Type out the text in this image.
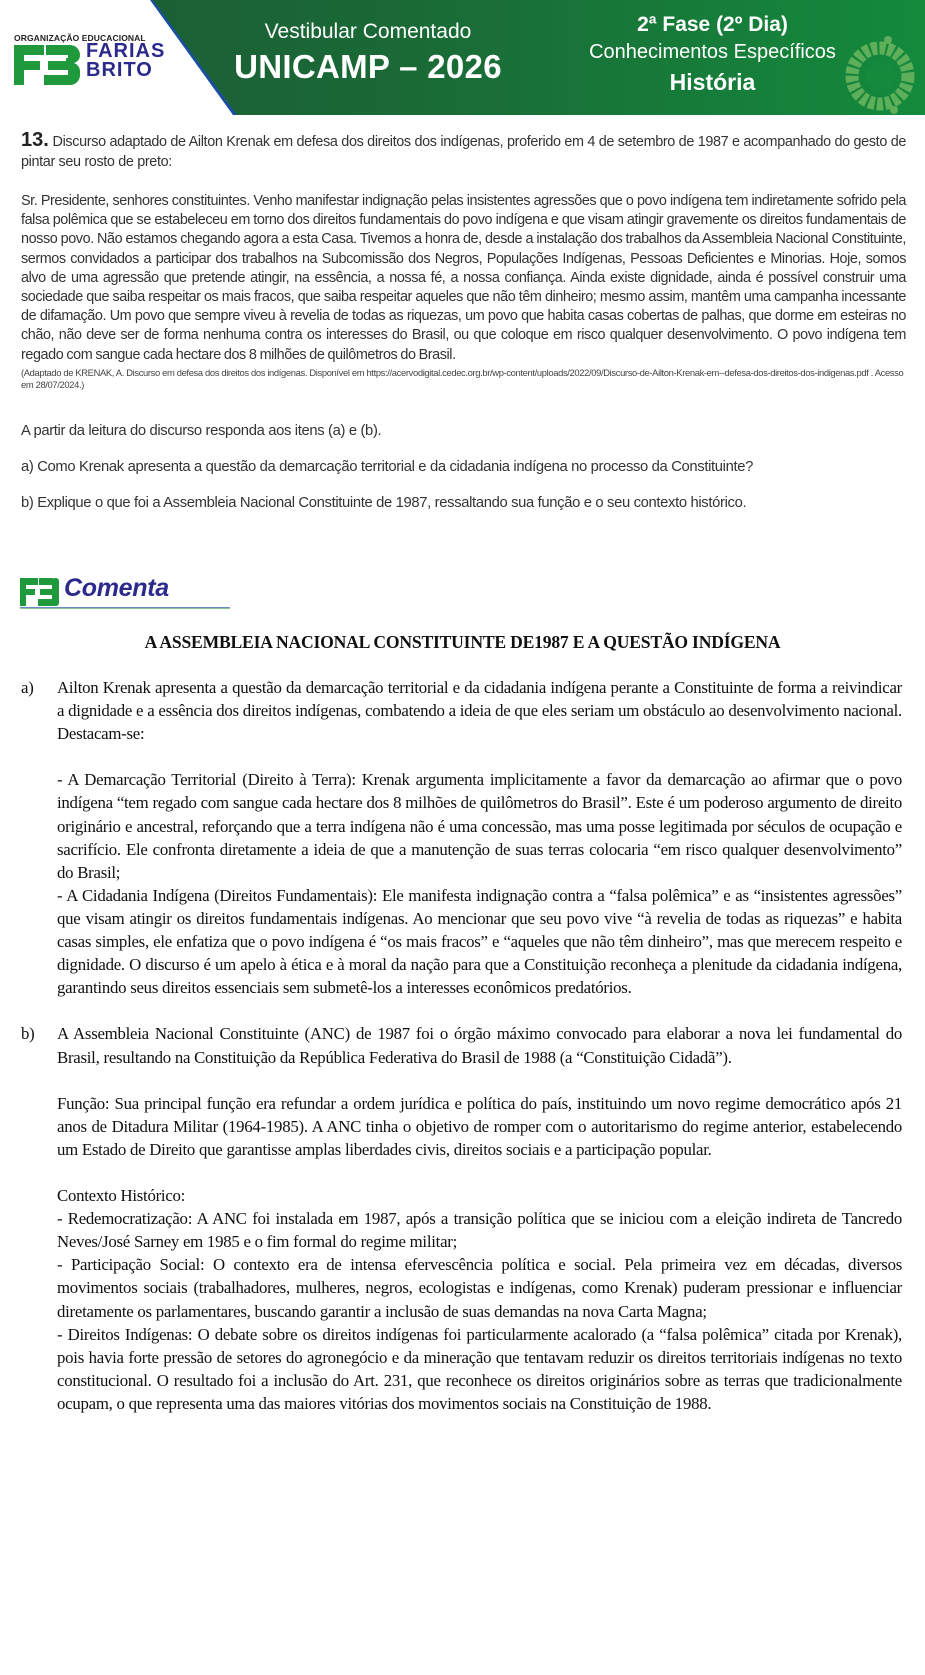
ORGANIZAÇÃO EDUCACIONAL
FARIAS
BRITO
Vestibular Comentado
UNICAMP – 2026
2ª Fase (2º Dia)
Conhecimentos Específicos
História

13. Discurso adaptado de Ailton Krenak em defesa dos direitos dos indígenas, proferido em 4 de setembro de 1987 e acompanhado do gesto de pintar seu rosto de preto:

Sr. Presidente, senhores constituintes. Venho manifestar indignação pelas insistentes agressões que o povo indígena tem indiretamente sofrido pela falsa polêmica que se estabeleceu em torno dos direitos fundamentais do povo indígena e que visam atingir gravemente os direitos fundamentais de nosso povo. Não estamos chegando agora a esta Casa. Tivemos a honra de, desde a instalação dos trabalhos da Assembleia Nacional Constituinte, sermos convidados a participar dos trabalhos na Subcomissão dos Negros, Populações Indígenas, Pessoas Deficientes e Minorias. Hoje, somos alvo de uma agressão que pretende atingir, na essência, a nossa fé, a nossa confiança. Ainda existe dignidade, ainda é possível construir uma sociedade que saiba respeitar os mais fracos, que saiba respeitar aqueles que não têm dinheiro; mesmo assim, mantêm uma campanha incessante de difamação. Um povo que sempre viveu à revelia de todas as riquezas, um povo que habita casas cobertas de palhas, que dorme em esteiras no chão, não deve ser de forma nenhuma contra os interesses do Brasil, ou que coloque em risco qualquer desenvolvimento. O povo indígena tem regado com sangue cada hectare dos 8 milhões de quilômetros do Brasil.

(Adaptado de KRENAK, A. Discurso em defesa dos direitos dos indígenas. Disponível em https://acervodigital.cedec.org.br/wp-content/uploads/2022/09/Discurso-de-Ailton-Krenak-em--defesa-dos-direitos-dos-indigenas.pdf . Acesso em 28/07/2024.)

A partir da leitura do discurso responda aos itens (a) e (b).

a) Como Krenak apresenta a questão da demarcação territorial e da cidadania indígena no processo da Constituinte?

b) Explique o que foi a Assembleia Nacional Constituinte de 1987, ressaltando sua função e o seu contexto histórico.

Comenta
A ASSEMBLEIA NACIONAL CONSTITUINTE DE1987 E A QUESTÃO INDÍGENA
a) Ailton Krenak apresenta a questão da demarcação territorial e da cidadania indígena perante a Constituinte de forma a reivindicar a dignidade e a essência dos direitos indígenas, combatendo a ideia de que eles seriam um obstáculo ao desenvolvimento nacional. Destacam-se:

- A Demarcação Territorial (Direito à Terra): Krenak argumenta implicitamente a favor da demarcação ao afirmar que o povo indígena “tem regado com sangue cada hectare dos 8 milhões de quilômetros do Brasil”. Este é um poderoso argumento de direito originário e ancestral, reforçando que a terra indígena não é uma concessão, mas uma posse legitimada por séculos de ocupação e sacrifício. Ele confronta diretamente a ideia de que a manutenção de suas terras colocaria “em risco qualquer desenvolvimento” do Brasil;

- A Cidadania Indígena (Direitos Fundamentais): Ele manifesta indignação contra a “falsa polêmica” e as “insistentes agressões” que visam atingir os direitos fundamentais indígenas. Ao mencionar que seu povo vive “à revelia de todas as riquezas” e habita casas simples, ele enfatiza que o povo indígena é “os mais fracos” e “aqueles que não têm dinheiro”, mas que merecem respeito e dignidade. O discurso é um apelo à ética e à moral da nação para que a Constituição reconheça a plenitude da cidadania indígena, garantindo seus direitos essenciais sem submetê-los a interesses econômicos predatórios.

b) A Assembleia Nacional Constituinte (ANC) de 1987 foi o órgão máximo convocado para elaborar a nova lei fundamental do Brasil, resultando na Constituição da República Federativa do Brasil de 1988 (a “Constituição Cidadã”).

Função: Sua principal função era refundar a ordem jurídica e política do país, instituindo um novo regime democrático após 21 anos de Ditadura Militar (1964-1985). A ANC tinha o objetivo de romper com o autoritarismo do regime anterior, estabelecendo um Estado de Direito que garantisse amplas liberdades civis, direitos sociais e a participação popular.

Contexto Histórico:

- Redemocratização: A ANC foi instalada em 1987, após a transição política que se iniciou com a eleição indireta de Tancredo Neves/José Sarney em 1985 e o fim formal do regime militar;

- Participação Social: O contexto era de intensa efervescência política e social. Pela primeira vez em décadas, diversos movimentos sociais (trabalhadores, mulheres, negros, ecologistas e indígenas, como Krenak) puderam pressionar e influenciar diretamente os parlamentares, buscando garantir a inclusão de suas demandas na nova Carta Magna;

- Direitos Indígenas: O debate sobre os direitos indígenas foi particularmente acalorado (a “falsa polêmica” citada por Krenak), pois havia forte pressão de setores do agronegócio e da mineração que tentavam reduzir os direitos territoriais indígenas no texto constitucional. O resultado foi a inclusão do Art. 231, que reconhece os direitos originários sobre as terras que tradicionalmente ocupam, o que representa uma das maiores vitórias dos movimentos sociais na Constituição de 1988.
